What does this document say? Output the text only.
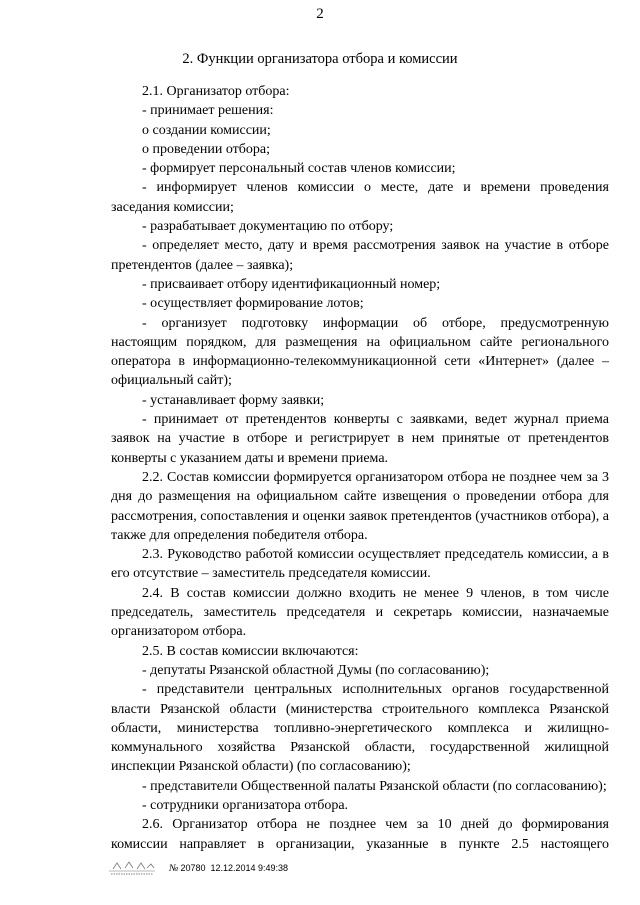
2
2. Функции организатора отбора и комиссии

2.1. Организатор отбора:

- принимает решения:

о создании комиссии;

о проведении отбора;

- формирует персональный состав членов комиссии;

- информирует членов комиссии о месте, дате и времени проведения заседания комиссии;

- разрабатывает документацию по отбору;

- определяет место, дату и время рассмотрения заявок на участие в отборе претендентов (далее – заявка);

- присваивает отбору идентификационный номер;

- осуществляет формирование лотов;

- организует подготовку информации об отборе, предусмотренную настоящим порядком, для размещения на официальном сайте регионального оператора в информационно-телекоммуникационной сети «Интернет» (далее – официальный сайт);

- устанавливает форму заявки;

- принимает от претендентов конверты с заявками, ведет журнал приема заявок на участие в отборе и регистрирует в нем принятые от претендентов конверты с указанием даты и времени приема.

2.2. Состав комиссии формируется организатором отбора не позднее чем за 3 дня до размещения на официальном сайте извещения о проведении отбора для рассмотрения, сопоставления и оценки заявок претендентов (участников отбора), а также для определения победителя отбора.

2.3. Руководство работой комиссии осуществляет председатель комиссии, а в его отсутствие – заместитель председателя комиссии.

2.4. В состав комиссии должно входить не менее 9 членов, в том числе председатель, заместитель председателя и секретарь комиссии, назначаемые организатором отбора.

2.5. В состав комиссии включаются:

- депутаты Рязанской областной Думы (по согласованию);

- представители центральных исполнительных органов государственной власти Рязанской области (министерства строительного комплекса Рязанской области, министерства топливно-энергетического комплекса и жилищно-коммунального хозяйства Рязанской области, государственной жилищной инспекции Рязанской области) (по согласованию);

- представители Общественной палаты Рязанской области (по согласованию);

- сотрудники организатора отбора.

2.6. Организатор отбора не позднее чем за 10 дней до формирования комиссии направляет в организации, указанные в пункте 2.5 настоящего

№ 20780 12.12.2014 9:49:38
